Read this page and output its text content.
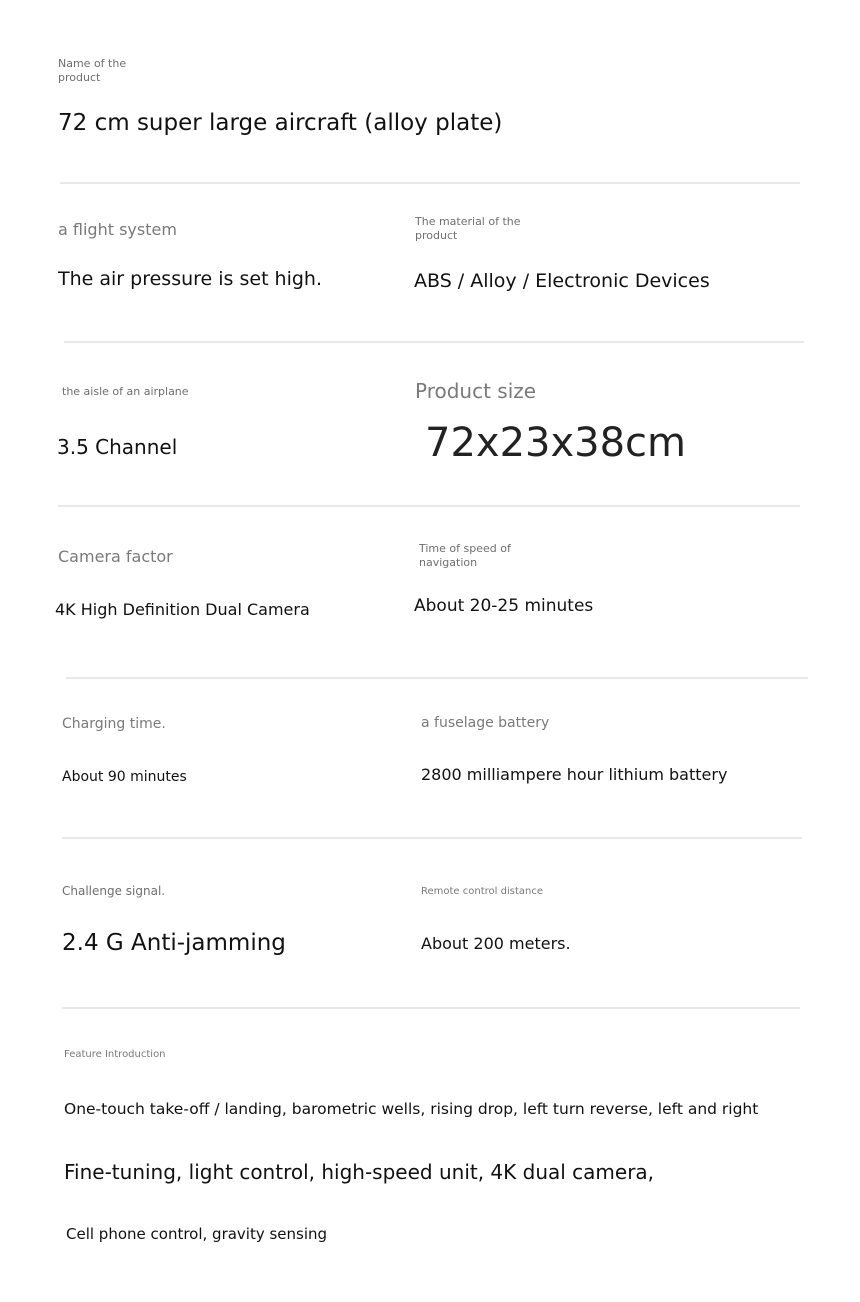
Name of the product
72 cm super large aircraft (alloy plate)
a flight system
The air pressure is set high.
The material of the product
ABS / Alloy / Electronic Devices
the aisle of an airplane
3.5 Channel
Product size
72x23x38cm
Camera factor
4K High Definition Dual Camera
Time of speed of navigation
About 20-25 minutes
Charging time.
About 90 minutes
a fuselage battery
2800 milliampere hour lithium battery
Challenge signal.
2.4 G Anti-jamming
Remote control distance
About 200 meters.
Feature Introduction
One-touch take-off / landing, barometric wells, rising drop, left turn reverse, left and right
Fine-tuning, light control, high-speed unit, 4K dual camera,
Cell phone control, gravity sensing
